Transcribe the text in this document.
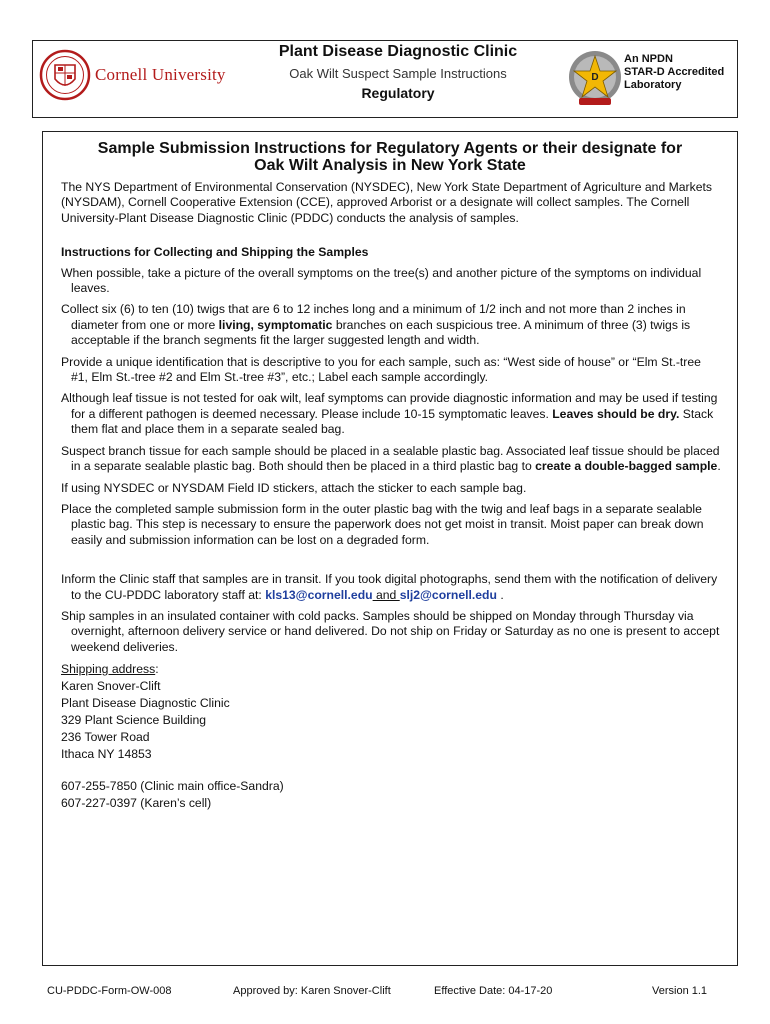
Cornell University
Plant Disease Diagnostic Clinic
Oak Wilt Suspect Sample Instructions
Regulatory
D
An NPDN
STAR-D Accredited
Laboratory
Sample Submission Instructions for Regulatory Agents or their designate for
Oak Wilt Analysis in New York State

The NYS Department of Environmental Conservation (NYSDEC), New York State Department of Agriculture and Markets (NYSDAM), Cornell Cooperative Extension (CCE), approved Arborist or a designate will collect samples. The Cornell University-Plant Disease Diagnostic Clinic (PDDC) conducts the analysis of samples.

Instructions for Collecting and Shipping the Samples

When possible, take a picture of the overall symptoms on the tree(s) and another picture of the symptoms on individual leaves.

Collect six (6) to ten (10) twigs that are 6 to 12 inches long and a minimum of 1/2 inch and not more than 2 inches in diameter from one or more living, symptomatic branches on each suspicious tree. A minimum of three (3) twigs is acceptable if the branch segments fit the larger suggested length and width.

Provide a unique identification that is descriptive to you for each sample, such as: “West side of house” or “Elm St.-tree #1, Elm St.-tree #2 and Elm St.-tree #3”, etc.; Label each sample accordingly.

Although leaf tissue is not tested for oak wilt, leaf symptoms can provide diagnostic information and may be used if testing for a different pathogen is deemed necessary. Please include 10-15 symptomatic leaves. Leaves should be dry. Stack them flat and place them in a separate sealed bag.

Suspect branch tissue for each sample should be placed in a sealable plastic bag. Associated leaf tissue should be placed in a separate sealable plastic bag. Both should then be placed in a third plastic bag to create a double-bagged sample.

If using NYSDEC or NYSDAM Field ID stickers, attach the sticker to each sample bag.

Place the completed sample submission form in the outer plastic bag with the twig and leaf bags in a separate sealable plastic bag. This step is necessary to ensure the paperwork does not get moist in transit. Moist paper can break down easily and submission information can be lost on a degraded form.

Inform the Clinic staff that samples are in transit. If you took digital photographs, send them with the notification of delivery to the CU-PDDC laboratory staff at: kls13@cornell.edu and slj2@cornell.edu .

Ship samples in an insulated container with cold packs. Samples should be shipped on Monday through Thursday via overnight, afternoon delivery service or hand delivered. Do not ship on Friday or Saturday as no one is present to accept weekend deliveries.

Shipping address:

Karen Snover-Clift

Plant Disease Diagnostic Clinic

329 Plant Science Building

236 Tower Road

Ithaca NY 14853

607-255-7850 (Clinic main office-Sandra)

607-227-0397 (Karen’s cell)

CU-PDDC-Form-OW-008	Approved by: Karen Snover-Clift	Effective Date: 04-17-20	Version 1.1
